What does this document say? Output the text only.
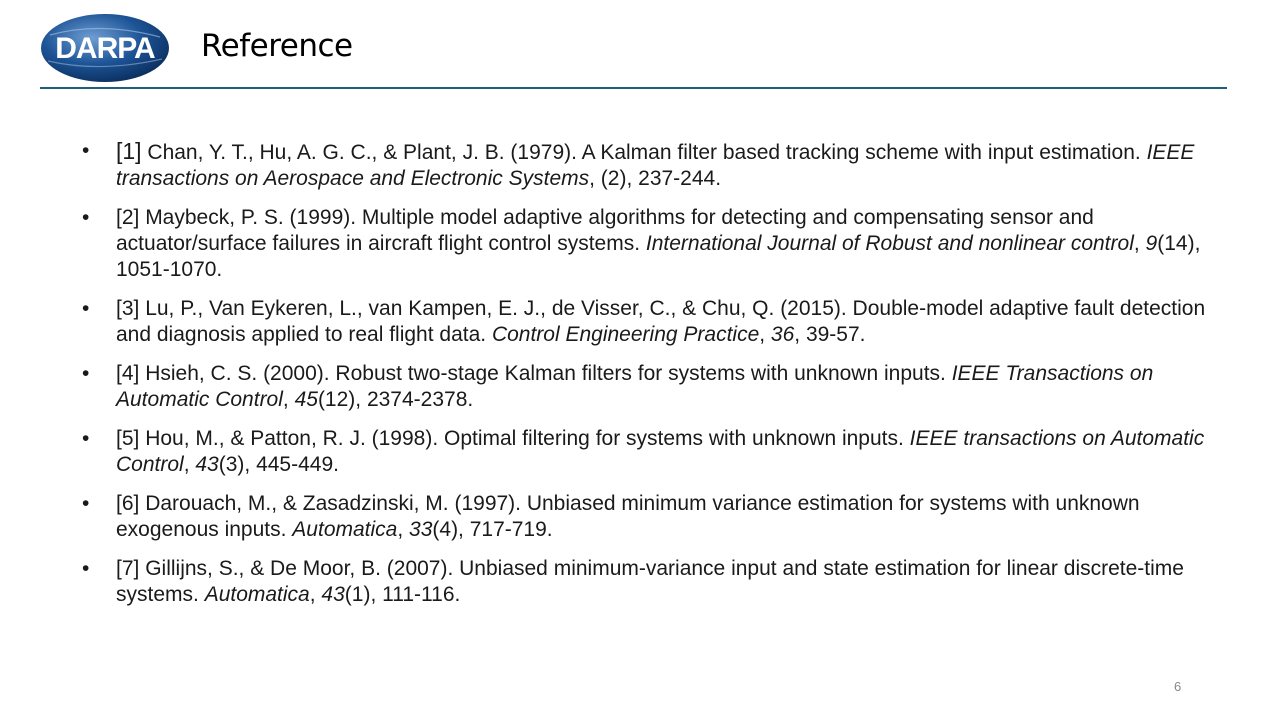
DARPA Reference
• [1] Chan, Y. T., Hu, A. G. C., & Plant, J. B. (1979). A Kalman filter based tracking scheme with input estimation. IEEE transactions on Aerospace and Electronic Systems, (2), 237-244.
• [2] Maybeck, P. S. (1999). Multiple model adaptive algorithms for detecting and compensating sensor and actuator/surface failures in aircraft flight control systems. International Journal of Robust and nonlinear control, 9(14), 1051-1070.
• [3] Lu, P., Van Eykeren, L., van Kampen, E. J., de Visser, C., & Chu, Q. (2015). Double-model adaptive fault detection and diagnosis applied to real flight data. Control Engineering Practice, 36, 39-57.
• [4] Hsieh, C. S. (2000). Robust two-stage Kalman filters for systems with unknown inputs. IEEE Transactions on Automatic Control, 45(12), 2374-2378.
• [5] Hou, M., & Patton, R. J. (1998). Optimal filtering for systems with unknown inputs. IEEE transactions on Automatic Control, 43(3), 445-449.
• [6] Darouach, M., & Zasadzinski, M. (1997). Unbiased minimum variance estimation for systems with unknown exogenous inputs. Automatica, 33(4), 717-719.
• [7] Gillijns, S., & De Moor, B. (2007). Unbiased minimum-variance input and state estimation for linear discrete-time systems. Automatica, 43(1), 111-116.
6
